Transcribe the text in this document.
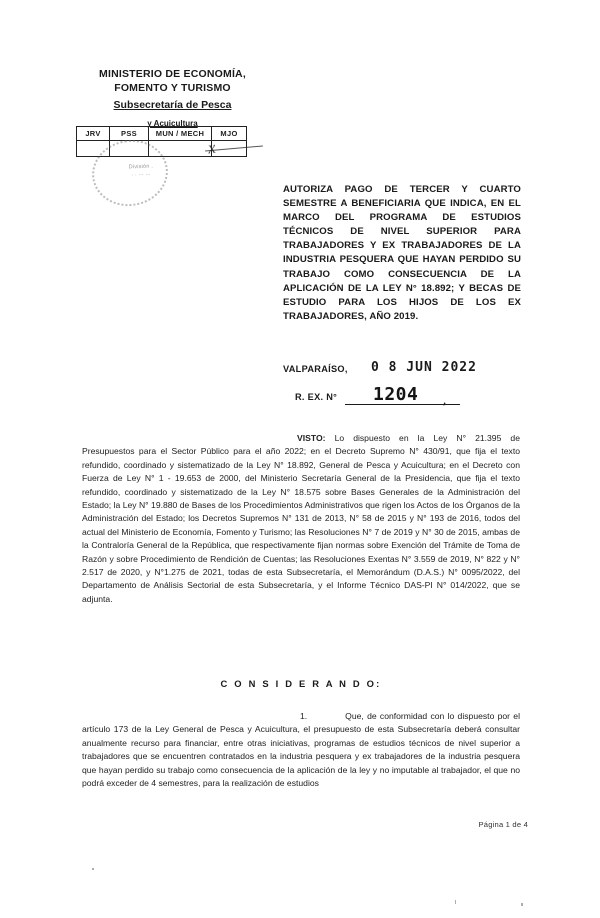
MINISTERIO DE ECONOMÍA,
FOMENTO Y TURISMO
Subsecretaría de Pesca
y Acuicultura
JRV	PSS	MUN / MECH	MJO

x
División .
. . ... ...
AUTORIZA PAGO DE TERCER Y CUARTO SEMESTRE A BENEFICIARIA QUE INDICA, EN EL MARCO DEL PROGRAMA DE ESTUDIOS TÉCNICOS DE NIVEL SUPERIOR PARA TRABAJADORES Y EX TRABAJADORES DE LA INDUSTRIA PESQUERA QUE HAYAN PERDIDO SU TRABAJO COMO CONSECUENCIA DE LA APLICACIÓN DE LA LEY N° 18.892; Y BECAS DE ESTUDIO PARA LOS HIJOS DE LOS EX TRABAJADORES, AÑO 2019.
VALPARAÍSO, 0 8 JUN 2022
R. EX. N° 1204 ,
VISTO: Lo dispuesto en la Ley N° 21.395 de Presupuestos para el Sector Público para el año 2022; en el Decreto Supremo N° 430/91, que fija el texto refundido, coordinado y sistematizado de la Ley N° 18.892, General de Pesca y Acuicultura; en el Decreto con Fuerza de Ley N° 1 - 19.653 de 2000, del Ministerio Secretaría General de la Presidencia, que fija el texto refundido, coordinado y sistematizado de la Ley N° 18.575 sobre Bases Generales de la Administración del Estado; la Ley N° 19.880 de Bases de los Procedimientos Administrativos que rigen los Actos de los Órganos de la Administración del Estado; los Decretos Supremos N° 131 de 2013, N° 58 de 2015 y N° 193 de 2016, todos del actual del Ministerio de Economía, Fomento y Turismo; las Resoluciones N° 7 de 2019 y N° 30 de 2015, ambas de la Contraloría General de la República, que respectivamente fijan normas sobre Exención del Trámite de Toma de Razón y sobre Procedimiento de Rendición de Cuentas; las Resoluciones Exentas N° 3.559 de 2019, N° 822 y N° 2.517 de 2020, y N°1.275 de 2021, todas de esta Subsecretaría, el Memorándum (D.A.S.) N° 0095/2022, del Departamento de Análisis Sectorial de esta Subsecretaría, y el Informe Técnico DAS-PI N° 014/2022, que se adjunta.
C O N S I D E R A N D O:
1.	Que, de conformidad con lo dispuesto por el artículo 173 de la Ley General de Pesca y Acuicultura, el presupuesto de esta Subsecretaría deberá consultar anualmente recurso para financiar, entre otras iniciativas, programas de estudios técnicos de nivel superior a trabajadores que se encuentren contratados en la industria pesquera y ex trabajadores de la industria pesquera que hayan perdido su trabajo como consecuencia de la aplicación de la ley y no imputable al trabajador, el que no podrá exceder de 4 semestres, para la realización de estudios
Página 1 de 4
